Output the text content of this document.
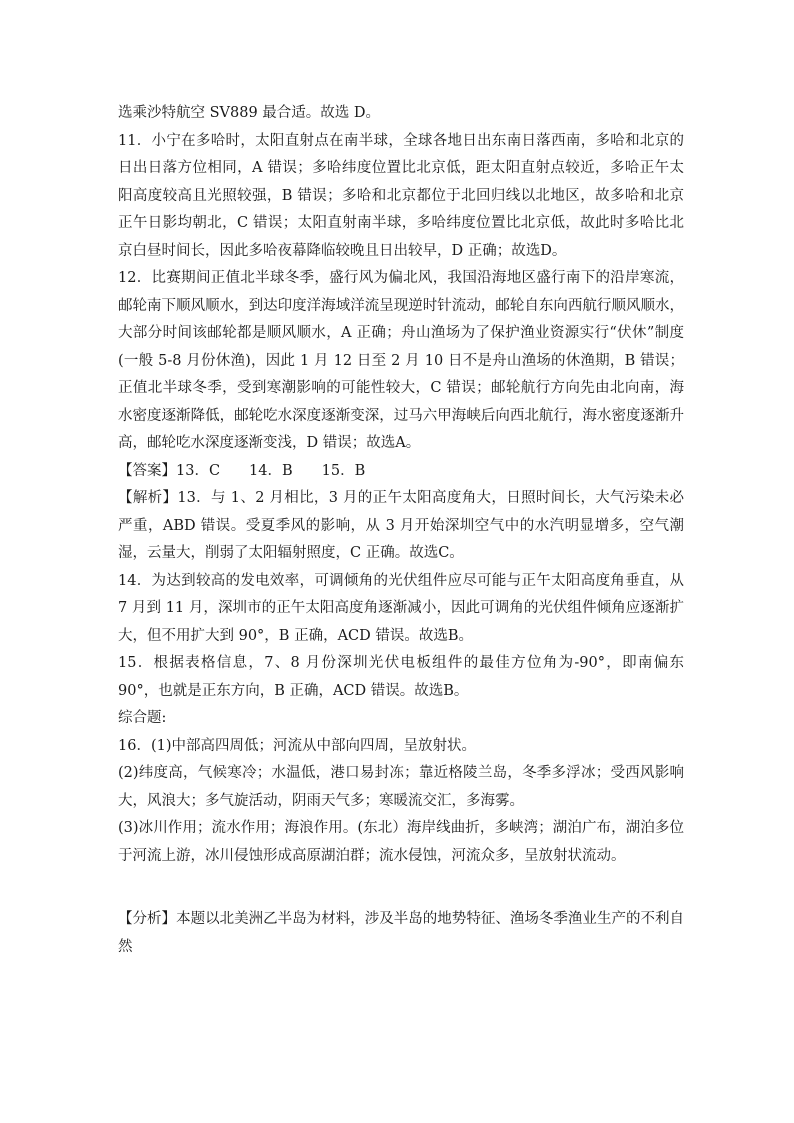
选乘沙特航空 SV889 最合适。故选 D。

11．小宁在多哈时，太阳直射点在南半球，全球各地日出东南日落西南，多哈和北京的日出日落方位相同，A 错误；多哈纬度位置比北京低，距太阳直射点较近，多哈正午太阳高度较高且光照较强，B 错误；多哈和北京都位于北回归线以北地区，故多哈和北京正午日影均朝北，C 错误；太阳直射南半球，多哈纬度位置比北京低，故此时多哈比北京白昼时间长，因此多哈夜幕降临较晚且日出较早，D 正确；故选D。

12．比赛期间正值北半球冬季，盛行风为偏北风，我国沿海地区盛行南下的沿岸寒流，邮轮南下顺风顺水，到达印度洋海域洋流呈现逆时针流动，邮轮自东向西航行顺风顺水，大部分时间该邮轮都是顺风顺水，A 正确；舟山渔场为了保护渔业资源实行“伏休”制度(一般 5-8 月份休渔)，因此 1 月 12 日至 2 月 10 日不是舟山渔场的休渔期，B 错误；正值北半球冬季，受到寒潮影响的可能性较大，C 错误；邮轮航行方向先由北向南，海水密度逐渐降低，邮轮吃水深度逐渐变深，过马六甲海峡后向西北航行，海水密度逐渐升高，邮轮吃水深度逐渐变浅，D 错误；故选A。

【答案】13．C　　14．B　　15．B

【解析】13．与 1、2 月相比，3 月的正午太阳高度角大，日照时间长，大气污染未必严重，ABD 错误。受夏季风的影响，从 3 月开始深圳空气中的水汽明显增多，空气潮湿，云量大，削弱了太阳辐射照度，C 正确。故选C。

14．为达到较高的发电效率，可调倾角的光伏组件应尽可能与正午太阳高度角垂直，从 7 月到 11 月，深圳市的正午太阳高度角逐渐减小，因此可调角的光伏组件倾角应逐渐扩大，但不用扩大到 90°，B 正确，ACD 错误。故选B。

15．根据表格信息，7、8 月份深圳光伏电板组件的最佳方位角为-90°，即南偏东 90°，也就是正东方向，B 正确，ACD 错误。故选B。

综合题:

16．(1)中部高四周低；河流从中部向四周，呈放射状。

(2)纬度高，气候寒冷；水温低，港口易封冻；靠近格陵兰岛，冬季多浮冰；受西风影响大，风浪大；多气旋活动，阴雨天气多；寒暖流交汇，多海雾。

(3)冰川作用；流水作用；海浪作用。(东北）海岸线曲折，多峡湾；湖泊广布，湖泊多位于河流上游，冰川侵蚀形成高原湖泊群；流水侵蚀，河流众多，呈放射状流动。

【分析】本题以北美洲乙半岛为材料，涉及半岛的地势特征、渔场冬季渔业生产的不利自然
